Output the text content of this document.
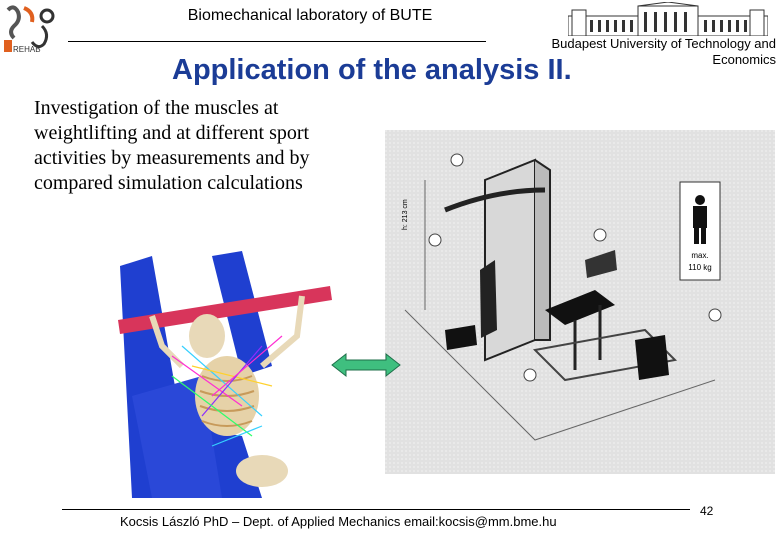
REHAB
Biomechanical laboratory of BUTE
Budapest University of Technology and Economics
Application of the analysis II.
Investigation of the muscles at weightlifting and at different sport activities by measurements and by compared simulation calculations
max.
110 kg
h: 213 cm
Kocsis László PhD – Dept. of Applied Mechanics email:kocsis@mm.bme.hu
42
